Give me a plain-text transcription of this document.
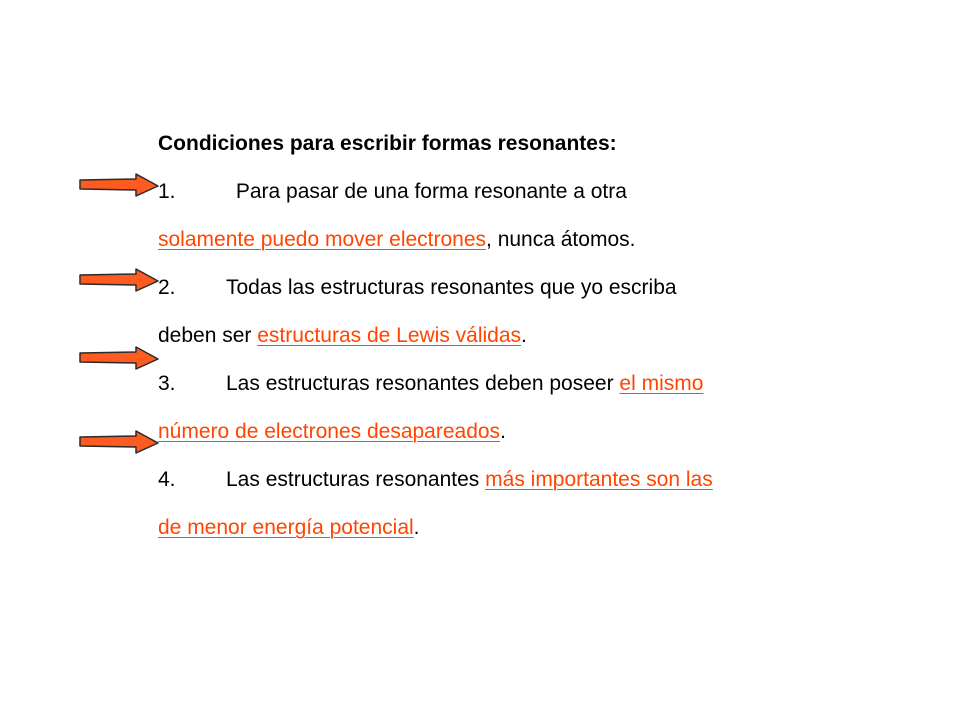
Condiciones para escribir formas resonantes:
1.	Para pasar de una forma resonante a otra
solamente puedo mover electrones, nunca átomos.
2. Todas las estructuras resonantes que yo escriba
deben ser estructuras de Lewis válidas.
3. Las estructuras resonantes deben poseer el mismo
número de electrones desapareados.
4. Las estructuras resonantes más importantes son las
de menor energía potencial.
